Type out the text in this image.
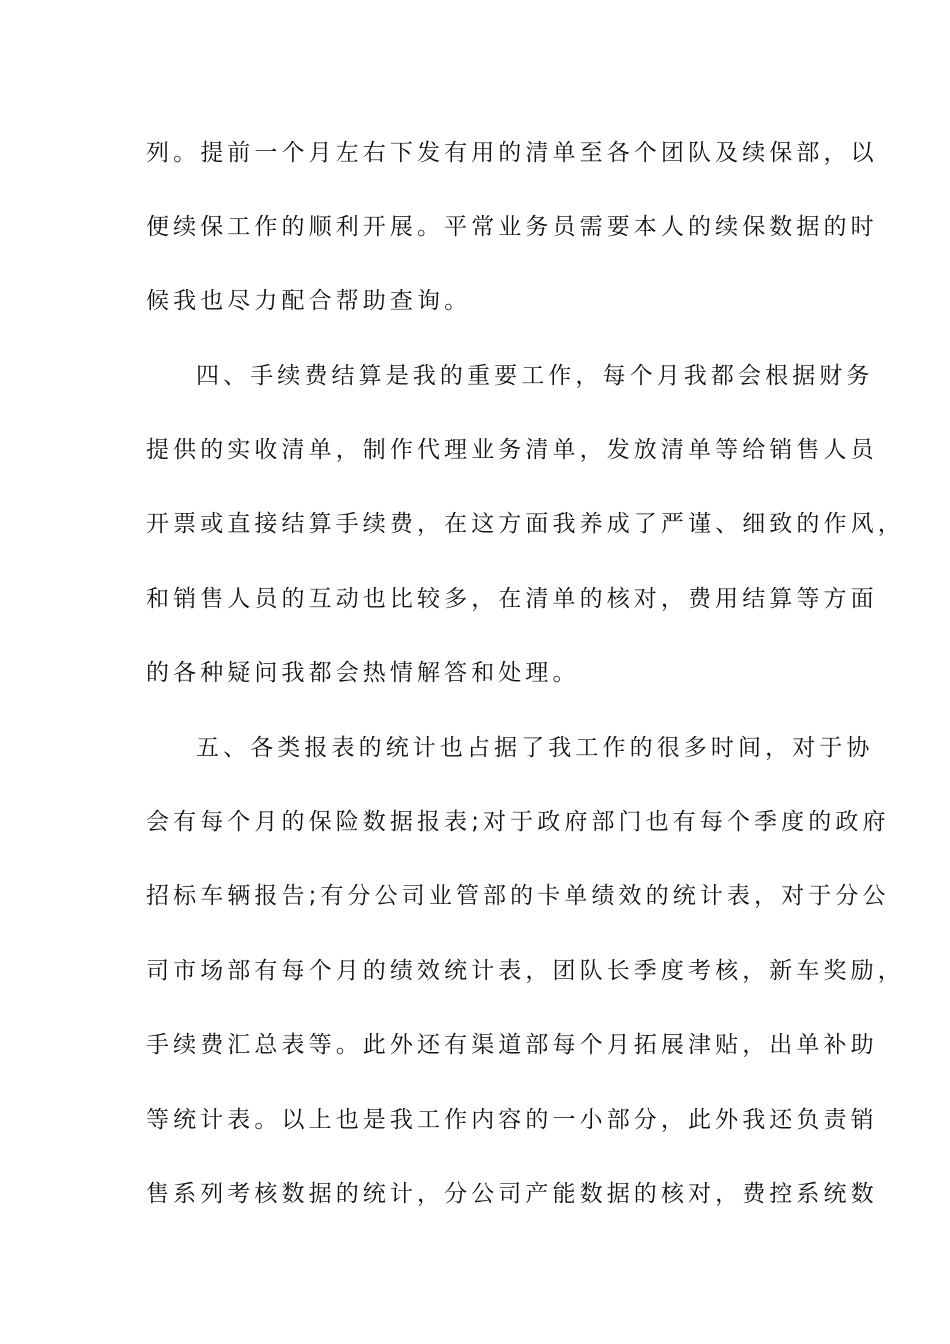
列。提前一个月左右下发有用的清单至各个团队及续保部，以
便续保工作的顺利开展。平常业务员需要本人的续保数据的时
候我也尽力配合帮助查询。
四、手续费结算是我的重要工作，每个月我都会根据财务
提供的实收清单，制作代理业务清单，发放清单等给销售人员
开票或直接结算手续费，在这方面我养成了严谨、细致的作风，
和销售人员的互动也比较多，在清单的核对，费用结算等方面
的各种疑问我都会热情解答和处理。
五、各类报表的统计也占据了我工作的很多时间，对于协
会有每个月的保险数据报表;对于政府部门也有每个季度的政府
招标车辆报告;有分公司业管部的卡单绩效的统计表，对于分公
司市场部有每个月的绩效统计表，团队长季度考核，新车奖励，
手续费汇总表等。此外还有渠道部每个月拓展津贴，出单补助
等统计表。以上也是我工作内容的一小部分，此外我还负责销
售系列考核数据的统计，分公司产能数据的核对，费控系统数
